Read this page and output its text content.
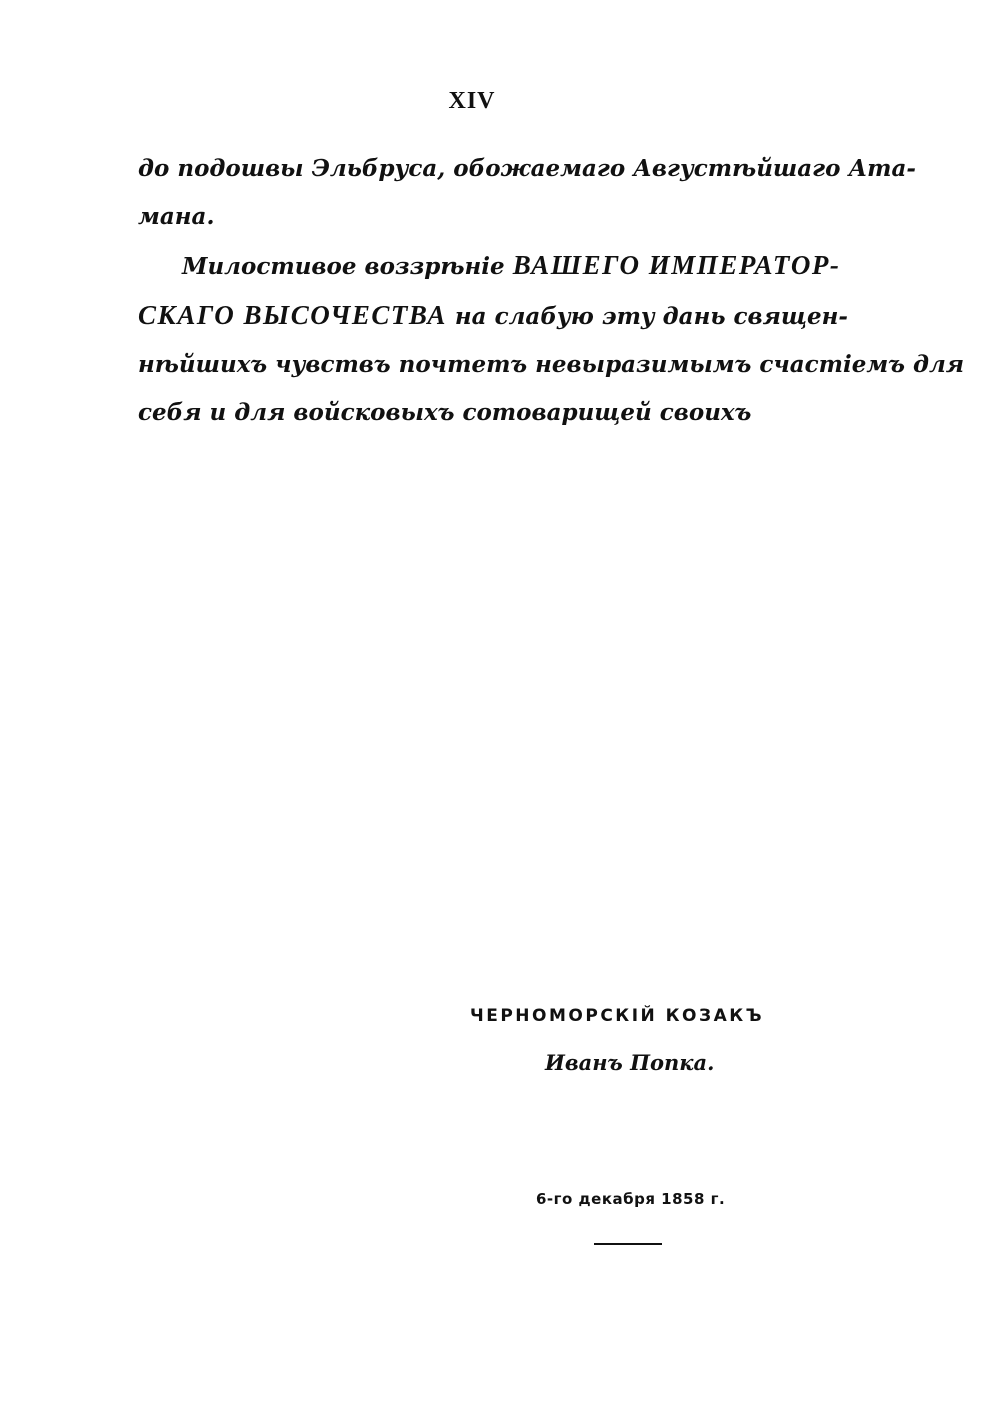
XIV
до подошвы Эльбруса, обожаемаго Августѣйшаго Ата-
мана.
Милостивое воззрѣніе ВАШЕГО ИМПЕРАТОР-
СКАГО ВЫСОЧЕСТВА на слабую эту дань священ-
нѣйшихъ чувствъ почтетъ невыразимымъ счастіемъ для
себя и для войсковыхъ сотоварищей своихъ
ЧЕРНОМОРСКІЙ КОЗАКЪ
Иванъ Попка.
6-го декабря 1858 г.
